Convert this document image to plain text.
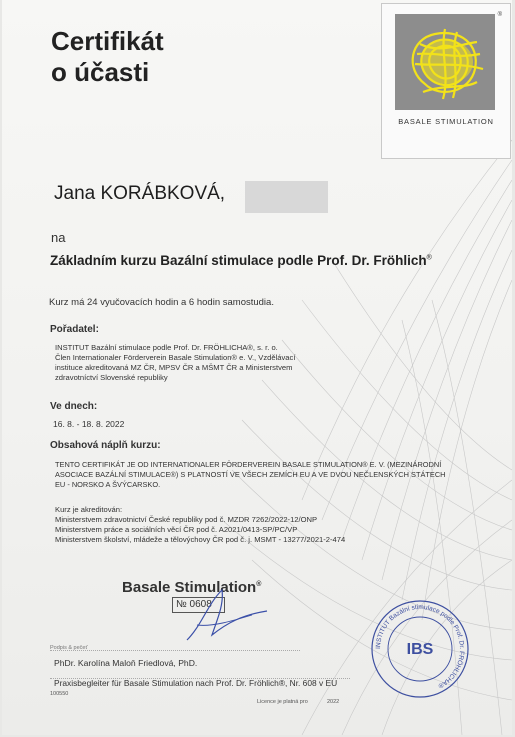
Certifikát
o účasti
®
BASALE STIMULATION
Jana KORÁBKOVÁ,
na
Základním kurzu Bazální stimulace podle Prof. Dr. Fröhlich®
Kurz má 24 vyučovacích hodin a 6 hodin samostudia.
Pořadatel:
INSTITUT Bazální stimulace podle Prof. Dr. FRÖHLICHA®, s. r. o.
Člen Internationaler Förderverein Basale Stimulation® e. V., Vzdělávací
instituce akreditovaná MZ ČR, MPSV ČR a MŠMT ČR a Ministerstvem
zdravotníctví Slovenské republiky
Ve dnech:
16. 8. - 18. 8. 2022
Obsahová náplň kurzu:
TENTO CERTIFIKÁT JE OD INTERNATIONALER FÖRDERVEREIN BASALE STIMULATION® E. V. (MEZINÁRODNÍ
ASOCIACE BAZÁLNÍ STIMULACE®) S PLATNOSTÍ VE VŠECH ZEMÍCH EU A VE DVOU NEČLENSKÝCH STÁTECH
EU - NORSKO A ŠVÝCARSKO.
Kurz je akreditován:
Ministerstvem zdravotnictví České republiky pod č. MZDR 7262/2022-12/ONP
Ministerstvem práce a sociálních věcí ČR pod č. A2021/0413-SP/PC/VP
Ministerstvem školství, mládeže a tělovýchovy ČR pod č. j. MSMT - 13277/2021-2-474
Basale Stimulation®
№ 0608
INSTITUT Bazální stimulace podle Prof. Dr. FRÖHLICHA®
IBS
Podpis & pečeť
PhDr. Karolína Maloň Friedlová, PhD.
Praxisbegleiter für Basale Stimulation nach Prof. Dr. Fröhlich®, Nr. 608 v EU
100550
Licence je platná pro	2022
